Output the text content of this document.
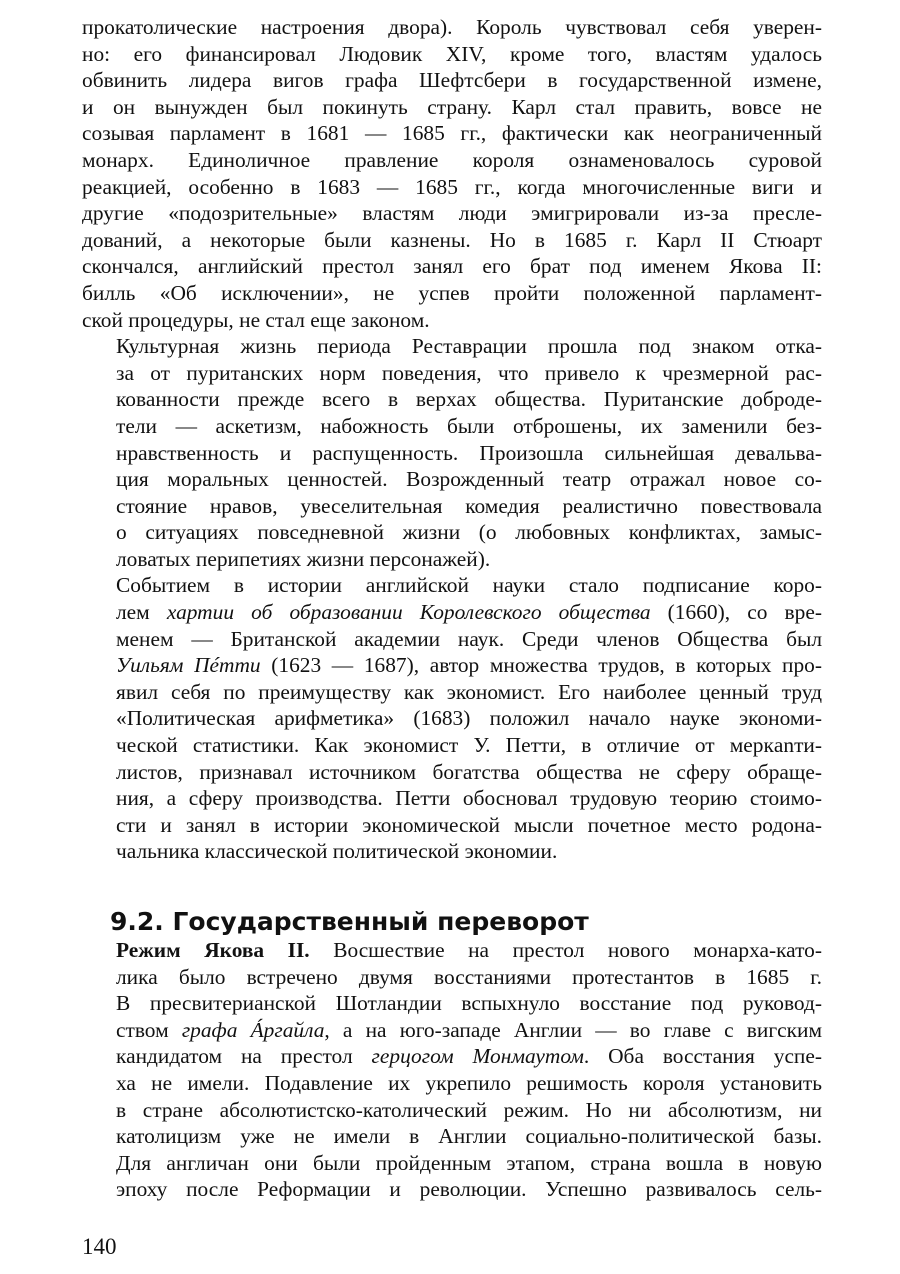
прокатолические настроения двора). Король чувствовал себя уверен-
но: его финансировал Людовик XIV, кроме того, властям удалось
обвинить лидера вигов графа Шефтсбери в государственной измене,
и он вынужден был покинуть страну. Карл стал править, вовсе не
созывая парламент в 1681 — 1685 гг., фактически как неограниченный
монарх. Единоличное правление короля ознаменовалось суровой
реакцией, особенно в 1683 — 1685 гг., когда многочисленные виги и
другие «подозрительные» властям люди эмигрировали из-за пресле-
дований, а некоторые были казнены. Но в 1685 г. Карл II Стюарт
скончался, английский престол занял его брат под именем Якова II:
билль «Об исключении», не успев пройти положенной парламент-
ской процедуры, не стал еще законом.

Культурная жизнь периода Реставрации прошла под знаком отка-
за от пуританских норм поведения, что привело к чрезмерной рас-
кованности прежде всего в верхах общества. Пуританские доброде-
тели — аскетизм, набожность были отброшены, их заменили без-
нравственность и распущенность. Произошла сильнейшая девальва-
ция моральных ценностей. Возрожденный театр отражал новое со-
стояние нравов, увеселительная комедия реалистично повествовала
о ситуациях повседневной жизни (о любовных конфликтах, замыс-
ловатых перипетиях жизни персонажей).

Событием в истории английской науки стало подписание коро-
лем хартии об образовании Королевского общества (1660), со вре-
менем — Британской академии наук. Среди членов Общества был
Уильям Пéтти (1623 — 1687), автор множества трудов, в которых про-
явил себя по преимуществу как экономист. Его наиболее ценный труд
«Политическая арифметика» (1683) положил начало науке экономи-
ческой статистики. Как экономист У. Петти, в отличие от меркanти-
листов, признавал источником богатства общества не сферу обраще-
ния, а сферу производства. Петти обосновал трудовую теорию стоимо-
сти и занял в истории экономической мысли почетное место родона-
чальника классической политической экономии.

9.2. Государственный переворот

Режим Якова II. Восшествие на престол нового монарха-като-
лика было встречено двумя восстаниями протестантов в 1685 г.
В пресвитерианской Шотландии вспыхнуло восстание под руковод-
ством графа Áргайла, а на юго-западе Англии — во главе с вигским
кандидатом на престол герцогом Монмаутом. Оба восстания успе-
ха не имели. Подавление их укрепило решимость короля установить
в стране абсолютистско-католический режим. Но ни абсолютизм, ни
католицизм уже не имели в Англии социально-политической базы.
Для англичан они были пройденным этапом, страна вошла в новую
эпоху после Реформации и революции. Успешно развивалось сель-

140
